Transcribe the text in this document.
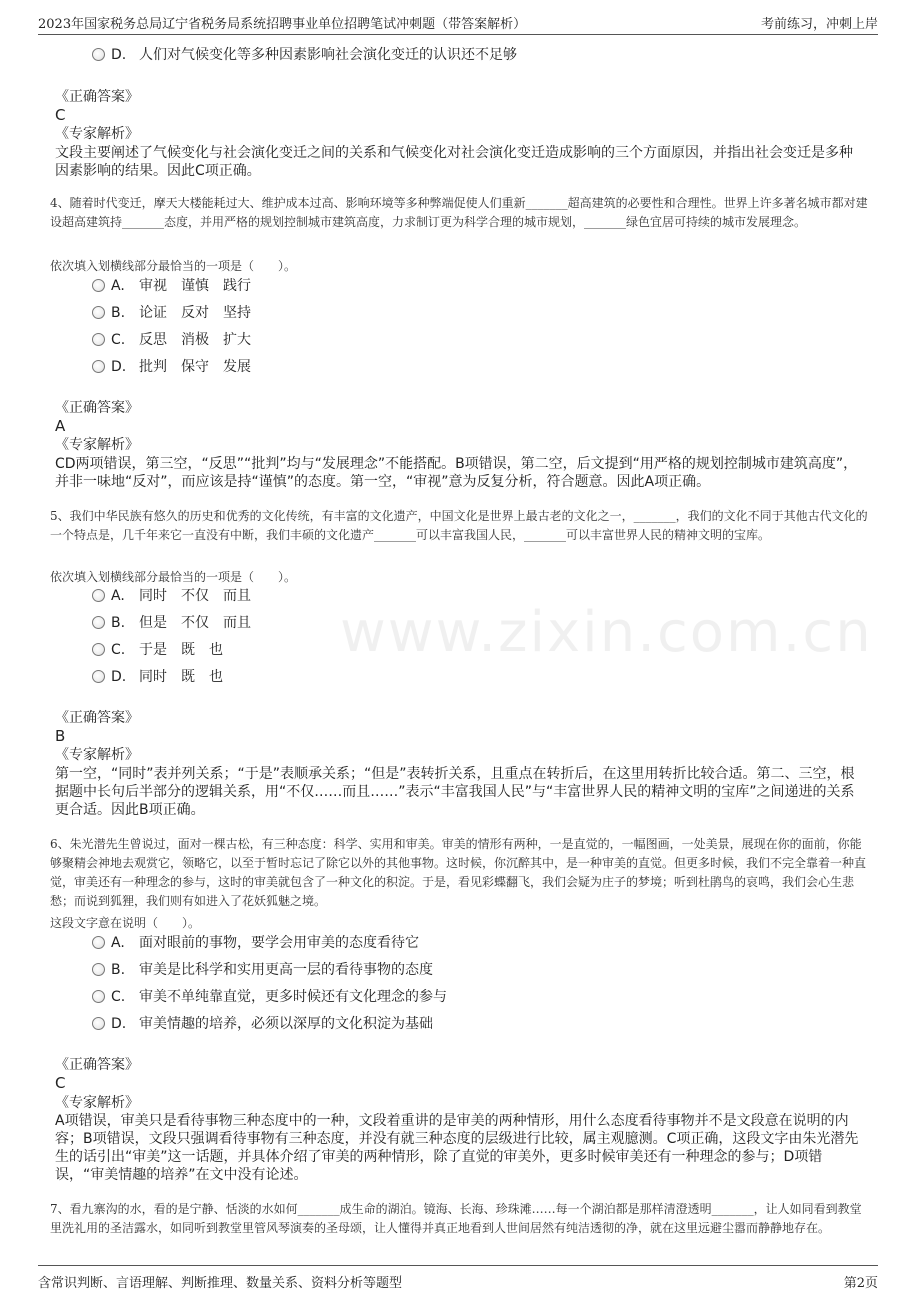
2023年国家税务总局辽宁省税务局系统招聘事业单位招聘笔试冲刺题（带答案解析）	考前练习，冲刺上岸
www.zixin.com.cn
D. 人们对气候变化等多种因素影响社会演化变迁的认识还不足够
《正确答案》
C
《专家解析》
文段主要阐述了气候变化与社会演化变迁之间的关系和气候变化对社会演化变迁造成影响的三个方面原因，并指出社会变迁是多种因素影响的结果。因此C项正确。
4、随着时代变迁，摩天大楼能耗过大、维护成本过高、影响环境等多种弊端促使人们重新_______超高建筑的必要性和合理性。世界上许多著名城市都对建设超高建筑持_______态度，并用严格的规划控制城市建筑高度，力求制订更为科学合理的城市规划，_______绿色宜居可持续的城市发展理念。
依次填入划横线部分最恰当的一项是（　　）。
A. 审视　谨慎　践行
B. 论证　反对　坚持
C. 反思　消极　扩大
D. 批判　保守　发展
《正确答案》
A
《专家解析》
CD两项错误，第三空，“反思”“批判”均与“发展理念”不能搭配。B项错误，第二空，后文提到“用严格的规划控制城市建筑高度”，并非一味地“反对”，而应该是持“谨慎”的态度。第一空，“审视”意为反复分析，符合题意。因此A项正确。
5、我们中华民族有悠久的历史和优秀的文化传统，有丰富的文化遗产，中国文化是世界上最古老的文化之一，_______，我们的文化不同于其他古代文化的一个特点是，几千年来它一直没有中断，我们丰硕的文化遗产_______可以丰富我国人民，_______可以丰富世界人民的精神文明的宝库。
依次填入划横线部分最恰当的一项是（　　）。
A. 同时　不仅　而且
B. 但是　不仅　而且
C. 于是　既　也
D. 同时　既　也
《正确答案》
B
《专家解析》
第一空，“同时”表并列关系；“于是”表顺承关系；“但是”表转折关系，且重点在转折后，在这里用转折比较合适。第二、三空，根据题中长句后半部分的逻辑关系，用“不仅……而且……”表示“丰富我国人民”与“丰富世界人民的精神文明的宝库”之间递进的关系更合适。因此B项正确。
6、朱光潜先生曾说过，面对一棵古松，有三种态度：科学、实用和审美。审美的情形有两种，一是直觉的，一幅图画，一处美景，展现在你的面前，你能够聚精会神地去观赏它，领略它，以至于暂时忘记了除它以外的其他事物。这时候，你沉醉其中，是一种审美的直觉。但更多时候，我们不完全靠着一种直觉，审美还有一种理念的参与，这时的审美就包含了一种文化的积淀。于是，看见彩蝶翻飞，我们会疑为庄子的梦境；听到杜鹃鸟的哀鸣，我们会心生悲愁；而说到狐狸，我们则有如进入了花妖狐魅之境。
这段文字意在说明（　　）。
A. 面对眼前的事物，要学会用审美的态度看待它
B. 审美是比科学和实用更高一层的看待事物的态度
C. 审美不单纯靠直觉，更多时候还有文化理念的参与
D. 审美情趣的培养，必须以深厚的文化积淀为基础
《正确答案》
C
《专家解析》
A项错误，审美只是看待事物三种态度中的一种，文段着重讲的是审美的两种情形，用什么态度看待事物并不是文段意在说明的内容；B项错误，文段只强调看待事物有三种态度，并没有就三种态度的层级进行比较，属主观臆测。C项正确，这段文字由朱光潜先生的话引出“审美”这一话题，并具体介绍了审美的两种情形，除了直觉的审美外，更多时候审美还有一种理念的参与；D项错误，“审美情趣的培养”在文中没有论述。
7、看九寨沟的水，看的是宁静、恬淡的水如何_______成生命的湖泊。镜海、长海、珍珠滩……每一个湖泊都是那样清澄透明_______，让人如同看到教堂里洗礼用的圣洁露水，如同听到教堂里管风琴演奏的圣母颂，让人懂得并真正地看到人世间居然有纯洁透彻的净，就在这里远避尘嚣而静静地存在。
含常识判断、言语理解、判断推理、数量关系、资料分析等题型	第2页
